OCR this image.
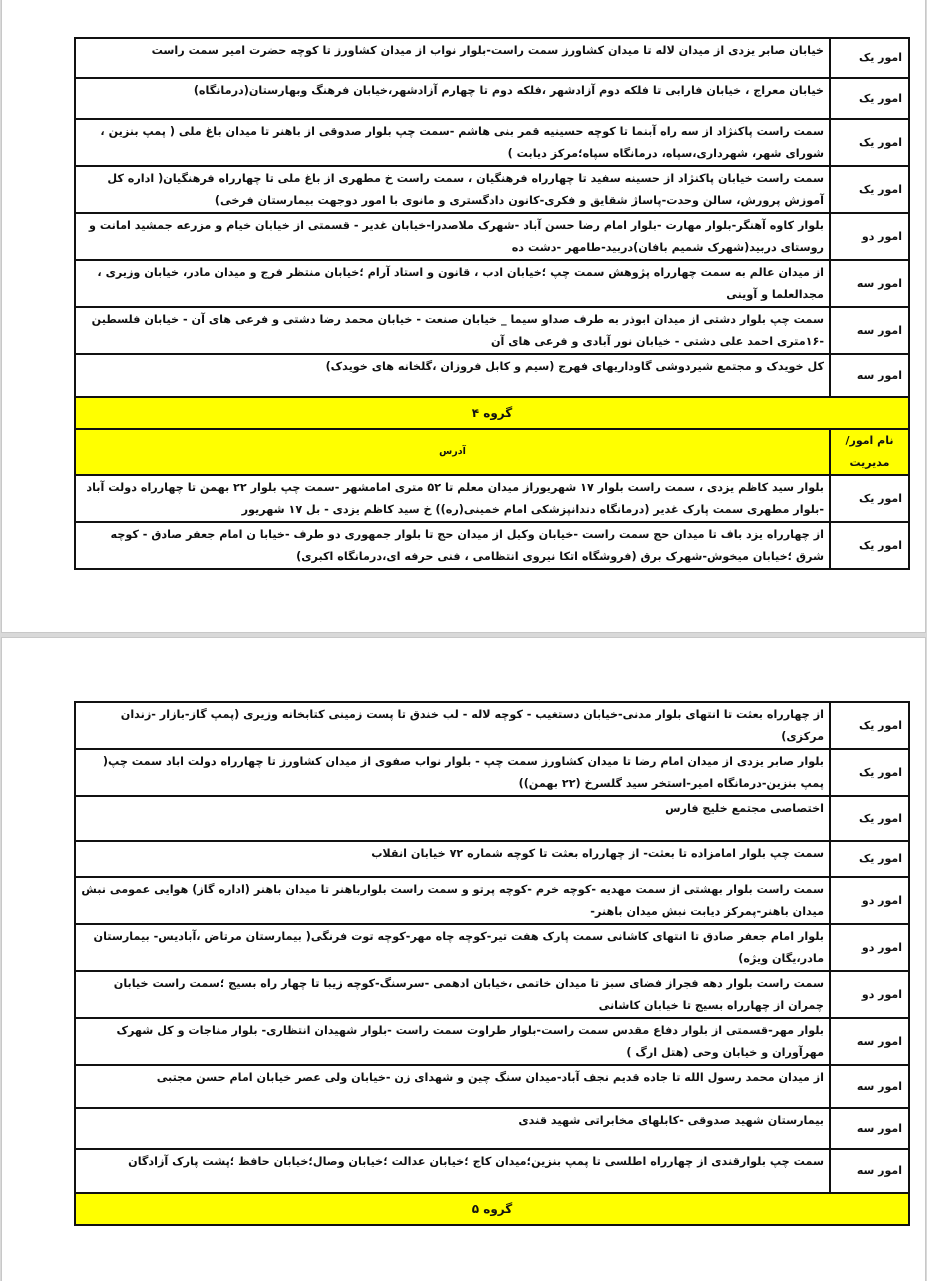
امور یک	خیابان صابر یزدی از میدان لاله تا میدان کشاورز سمت راست-بلوار نواب از میدان کشاورز تا کوچه حضرت امیر سمت راست
امور یک	خیابان معراج ، خیابان فارابی تا فلکه دوم آزادشهر ،فلکه دوم تا چهارم آزادشهر،خیابان فرهنگ وبهارستان(درمانگاه)
امور یک	سمت راست پاکنژاد از سه راه آبنما تا کوچه حسینیه قمر بنی هاشم -سمت چپ بلوار صدوقی از باهنر تا میدان باغ ملی ( پمپ بنزین ، شورای شهر، شهرداری،سپاه، درمانگاه سپاه؛مرکز دیابت )
امور یک	سمت راست خیابان پاکنژاد از حسینه سفید تا چهارراه فرهنگیان ، سمت راست خ مطهری از باغ ملی تا چهارراه فرهنگیان( اداره کل آموزش پرورش، سالن وحدت-پاساژ شقایق و فکری-کانون دادگستری و مانوی با امور دوجهت بیمارستان فرخی)
امور دو	بلوار کاوه آهنگر-بلوار مهارت -بلوار امام رضا حسن آباد -شهرک ملاصدرا-خیابان غدیر - قسمتی از خیابان خیام و مزرعه جمشید امانت و روستای دربید(شهرک شمیم بافان)دربید-طامهر -دشت ده
امور سه	از میدان عالم به سمت چهارراه پژوهش سمت چپ ؛خیابان ادب ، قانون و استاد آرام ؛خیابان منتظر فرج و میدان مادر، خیابان وزیری ، مجدالعلما و آوینی
امور سه	سمت چپ بلوار دشتی از میدان ابوذر به طرف صداو سیما _ خیابان صنعت - خیابان محمد رضا دشتی و فرعی های آن - خیابان فلسطین -۱۶متری احمد علی دشتی - خیابان نور آبادی و فرعی های آن
امور سه	کل خویدک و مجتمع شیردوشی گاوداریهای فهرج (سیم و کابل فروزان ،گلخانه های خویدک)
گروه ۴	
نام امور/مدیریت	آدرس
امور یک	بلوار سید کاظم یزدی ، سمت راست بلوار ۱۷ شهریوراز میدان معلم تا ۵۲ متری امامشهر -سمت چپ بلوار ۲۲ بهمن تا چهارراه دولت آباد -بلوار مطهری سمت پارک غدیر (درمانگاه دندانپزشکی امام خمینی(ره)) خ سید کاظم یزدی - بل ۱۷ شهریور
امور یک	از چهارراه یزد باف تا میدان حج سمت راست -خیابان وکیل از میدان حج تا بلوار جمهوری دو طرف -خیابا ن امام جعفر صادق - کوچه شرق ؛خیابان میخوش-شهرک برق (فروشگاه اتکا نیروی انتظامی ، فنی حرفه ای،درمانگاه اکبری)
امور یک	از چهارراه بعثت تا انتهای بلوار مدنی-خیابان دستغیب - کوچه لاله - لب خندق تا پست زمینی کتابخانه وزیری (پمپ گاز-بازار -زندان مرکزی)
امور یک	بلوار صابر یزدی از میدان امام رضا تا میدان کشاورز سمت چپ - بلوار نواب صفوی از میدان کشاورز تا چهارراه دولت اباد سمت چپ( پمپ بنزین-درمانگاه امیر-استخر سید گلسرخ (۲۲ بهمن))
امور یک	اختصاصی مجتمع خلیج فارس
امور یک	سمت چپ بلوار امامزاده تا بعثت- از چهارراه بعثت تا کوچه شماره ۷۲ خیابان انقلاب
امور دو	سمت راست بلوار بهشتی از سمت مهدیه -کوچه خرم -کوچه پرتو و سمت راست بلوارباهنر تا میدان باهنر (اداره گاز) هوایی عمومی نبش میدان باهنر-پمرکز دیابت نبش میدان باهنر-
امور دو	بلوار امام جعفر صادق تا انتهای کاشانی سمت پارک هفت تیر-کوچه چاه مهر-کوچه توت فرنگی( بیمارستان مرتاض ،آبادیس- بیمارستان مادر،یگان ویژه)
امور دو	سمت راست بلوار دهه فجراز فضای سبز تا میدان خاتمی ،خیابان ادهمی -سرسنگ-کوچه زیبا تا چهار راه بسیج ؛سمت راست خیابان چمران از چهارراه بسیج تا خیابان کاشانی
امور سه	بلوار مهر-قسمتی از بلوار دفاع مقدس سمت راست-بلوار طراوت سمت راست -بلوار شهیدان انتظاری- بلوار مناجات و کل شهرک مهرآوران و خیابان وحی (هتل ارگ )
امور سه	از میدان محمد رسول الله تا جاده قدیم نجف آباد-میدان سنگ چین و شهدای زن -خیابان ولی عصر خیابان امام حسن مجتبی
امور سه	بیمارستان شهید صدوقی -کابلهای مخابراتی شهید قندی
امور سه	سمت چپ بلوارقندی از چهارراه اطلسی تا پمپ بنزین؛میدان کاج ؛خیابان عدالت ؛خیابان وصال؛خیابان حافظ ؛پشت پارک آزادگان
گروه ۵	
